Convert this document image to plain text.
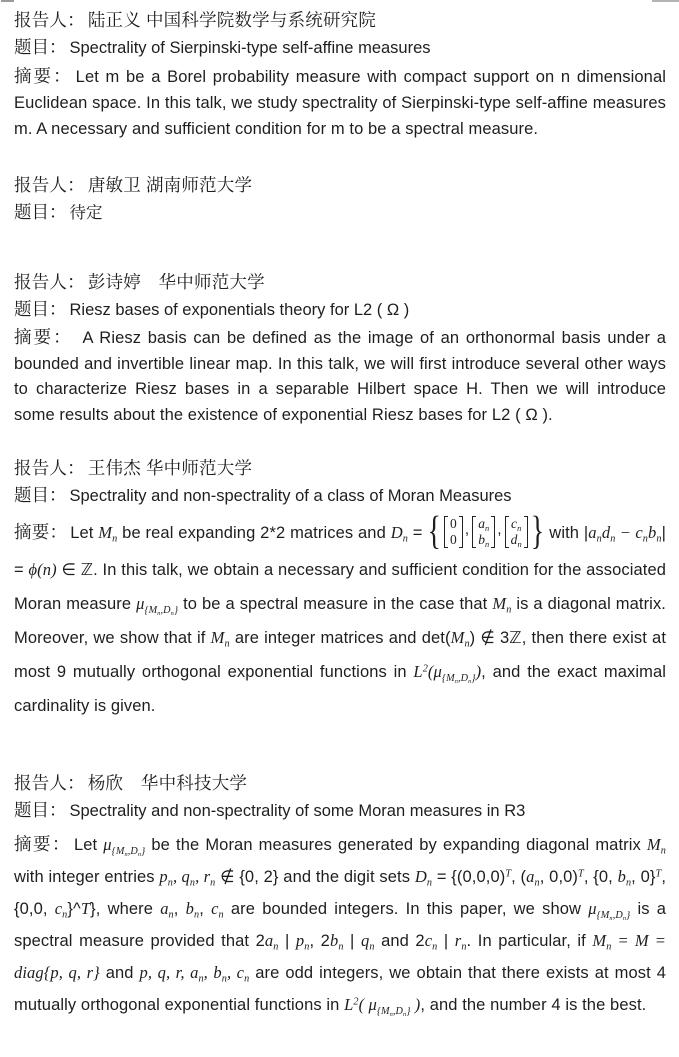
报告人： 陆正义 中国科学院数学与系统研究院
题目： Spectrality of Sierpinski-type self-affine measures

摘要： Let m be a Borel probability measure with compact support on n dimensional Euclidean space. In this talk, we study spectrality of Sierpinski-type self-affine measures m. A necessary and sufficient condition for m to be a spectral measure.

报告人： 唐敏卫 湖南师范大学
题目： 待定
报告人： 彭诗婷　华中师范大学
题目： Riesz bases of exponentials theory for L2 ( Ω )

摘要： A Riesz basis can be defined as the image of an orthonormal basis under a bounded and invertible linear map. In this talk, we will first introduce several other ways to characterize Riesz bases in a separable Hilbert space H. Then we will introduce some results about the existence of exponential Riesz bases for L2 ( Ω ).

报告人： 王伟杰 华中师范大学
题目： Spectrality and non-spectrality of a class of Moran Measures

摘要： Let $M_n$ be real expanding 2*2 matrices and $D_n$ = { 0
0
, $a_n$
$b_n$
, $c_n$
$d_n$ } with $|a_nd_n - c_nb_n| = \phi(n)$ ∈ ℤ. In this talk, we obtain a necessary and sufficient condition for the associated Moran measure $\mu_{\{M_n,D_n\}}$ to be a spectral measure in the case that $M_n$ is a diagonal matrix. Moreover, we show that if $M_n$ are integer matrices and $\det(M_n)$ ∉ 3ℤ, then there exist at most 9 mutually orthogonal exponential functions in $L^2(\mu_{\{M_n,D_n\}})$, and the exact maximal cardinality is given.

报告人： 杨欣　华中科技大学
题目： Spectrality and non-spectrality of some Moran measures in R3

摘要： Let $\mu_{\{M_n,D_n\}}$ be the Moran measures generated by expanding diagonal matrix $M_n$ with integer entries $p_n$, $q_n$, $r_n$ ∉ {0, 2} and the digit sets $D_n = \{(0,0,0)^T$, ($a_n$, 0,0)$^T$, {0, $b_n$, 0}$^T$, {0,0, $c_n\}\^{}T$}, where $a_n$, $b_n$, $c_n$ are bounded integers. In this paper, we show $\mu_{\{M_n,D_n\}}$ is a spectral measure provided that $2a_n$ | $p_n$, $2b_n$ | $q_n$ and $2c_n$ | $r_n$. In particular, if $M_n = M$ = diag{p, q, r} and p, q, r, $a_n$, $b_n$, $c_n$ are odd integers, we obtain that there exists at most 4 mutually orthogonal exponential functions in $L^2$( $\mu_{\{M_n,D_n\}}$ ), and the number 4 is the best.
